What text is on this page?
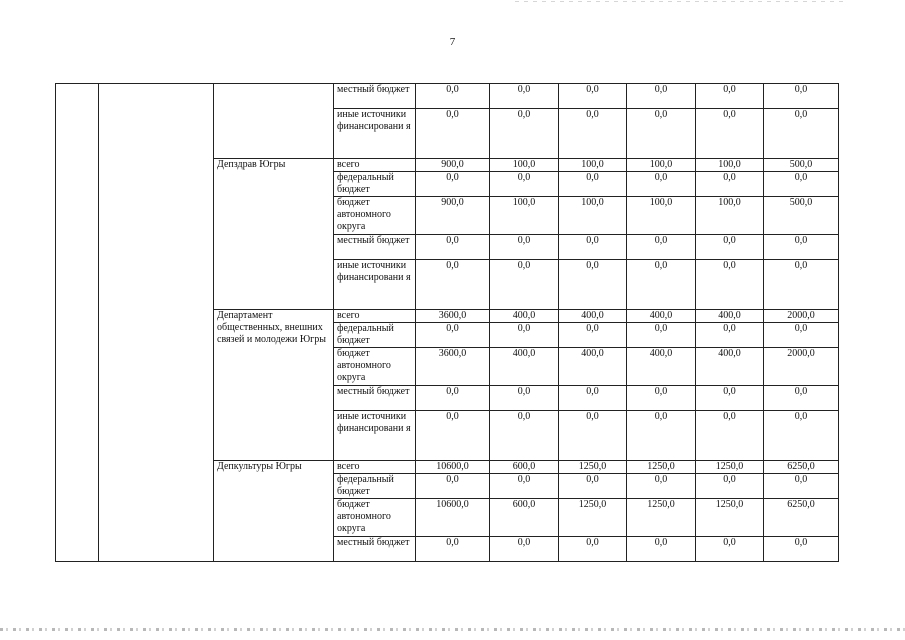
7
			местный бюджет	0,0	0,0	0,0	0,0	0,0	0,0
			иные источники финансировани я	0,0	0,0	0,0	0,0	0,0	0,0
		Депздрав Югры	всего	900,0	100,0	100,0	100,0	100,0	500,0
			федеральный бюджет	0,0	0,0	0,0	0,0	0,0	0,0
			бюджет автономного округа	900,0	100,0	100,0	100,0	100,0	500,0
			местный бюджет	0,0	0,0	0,0	0,0	0,0	0,0
			иные источники финансировани я	0,0	0,0	0,0	0,0	0,0	0,0
		Департамент общественных, внешних связей и молодежи Югры	всего	3600,0	400,0	400,0	400,0	400,0	2000,0
			федеральный бюджет	0,0	0,0	0,0	0,0	0,0	0,0
			бюджет автономного округа	3600,0	400,0	400,0	400,0	400,0	2000,0
			местный бюджет	0,0	0,0	0,0	0,0	0,0	0,0
			иные источники финансировани я	0,0	0,0	0,0	0,0	0,0	0,0
		Депкультуры Югры	всего	10600,0	600,0	1250,0	1250,0	1250,0	6250,0
			федеральный бюджет	0,0	0,0	0,0	0,0	0,0	0,0
			бюджет автономного округа	10600,0	600,0	1250,0	1250,0	1250,0	6250,0
			местный бюджет	0,0	0,0	0,0	0,0	0,0	0,0
